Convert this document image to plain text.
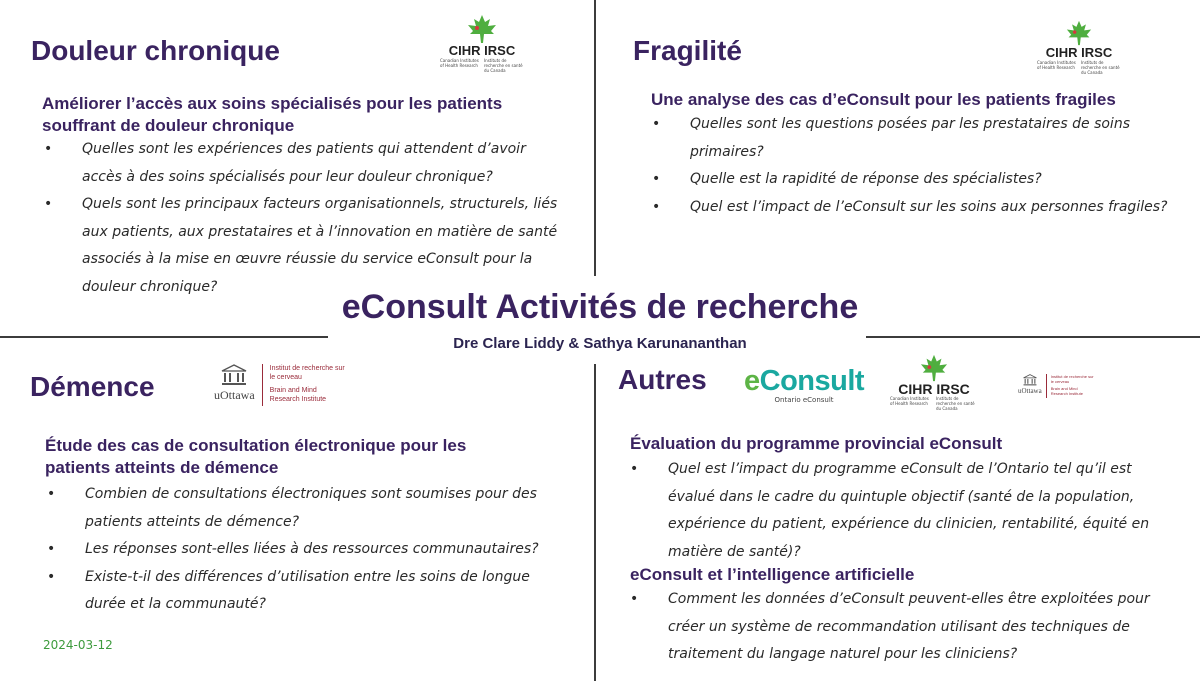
Douleur chronique	CIHR IRSC
Canadian Institutes of Health Research
Instituts de recherche en santé du Canada
Améliorer l’accès aux soins spécialisés pour les patients souffrant de douleur chronique
• Quelles sont les expériences des patients qui attendent d’avoir accès à des soins spécialisés pour leur douleur chronique?
• Quels sont les principaux facteurs organisationnels, structurels, liés aux patients, aux prestataires et à l’innovation en matière de santé associés à la mise en œuvre réussie du service eConsult pour la douleur chronique?
Fragilité	CIHR IRSC
Canadian Institutes of Health Research
Instituts de recherche en santé du Canada
Une analyse des cas d’eConsult pour les patients fragiles
• Quelles sont les questions posées par les prestataires de soins primaires?
• Quelle est la rapidité de réponse des spécialistes?
• Quel est l’impact de l’eConsult sur les soins aux personnes fragiles?
eConsult Activités de recherche
Dre Clare Liddy & Sathya Karunananthan
Démence	uOttawa
Institut de recherche sur le cerveau
Brain and Mind Research Institute
Étude des cas de consultation électronique pour les patients atteints de démence
• Combien de consultations électroniques sont soumises pour des patients atteints de démence?
• Les réponses sont-elles liées à des ressources communautaires?
• Existe-t-il des différences d’utilisation entre les soins de longue durée et la communauté?
2024-03-12
Autres eConsult
Ontario eConsult
CIHR IRSC
Canadian Institutes of Health Research
Instituts de recherche en santé du Canada
uOttawa
Institut de recherche sur le cerveau
Brain and Mind Research Institute
Évaluation du programme provincial eConsult
• Quel est l’impact du programme eConsult de l’Ontario tel qu’il est évalué dans le cadre du quintuple objectif (santé de la population, expérience du patient, expérience du clinicien, rentabilité, équité en matière de santé)?
eConsult et l’intelligence artificielle
• Comment les données d’eConsult peuvent-elles être exploitées pour créer un système de recommandation utilisant des techniques de traitement du langage naturel pour les cliniciens?
